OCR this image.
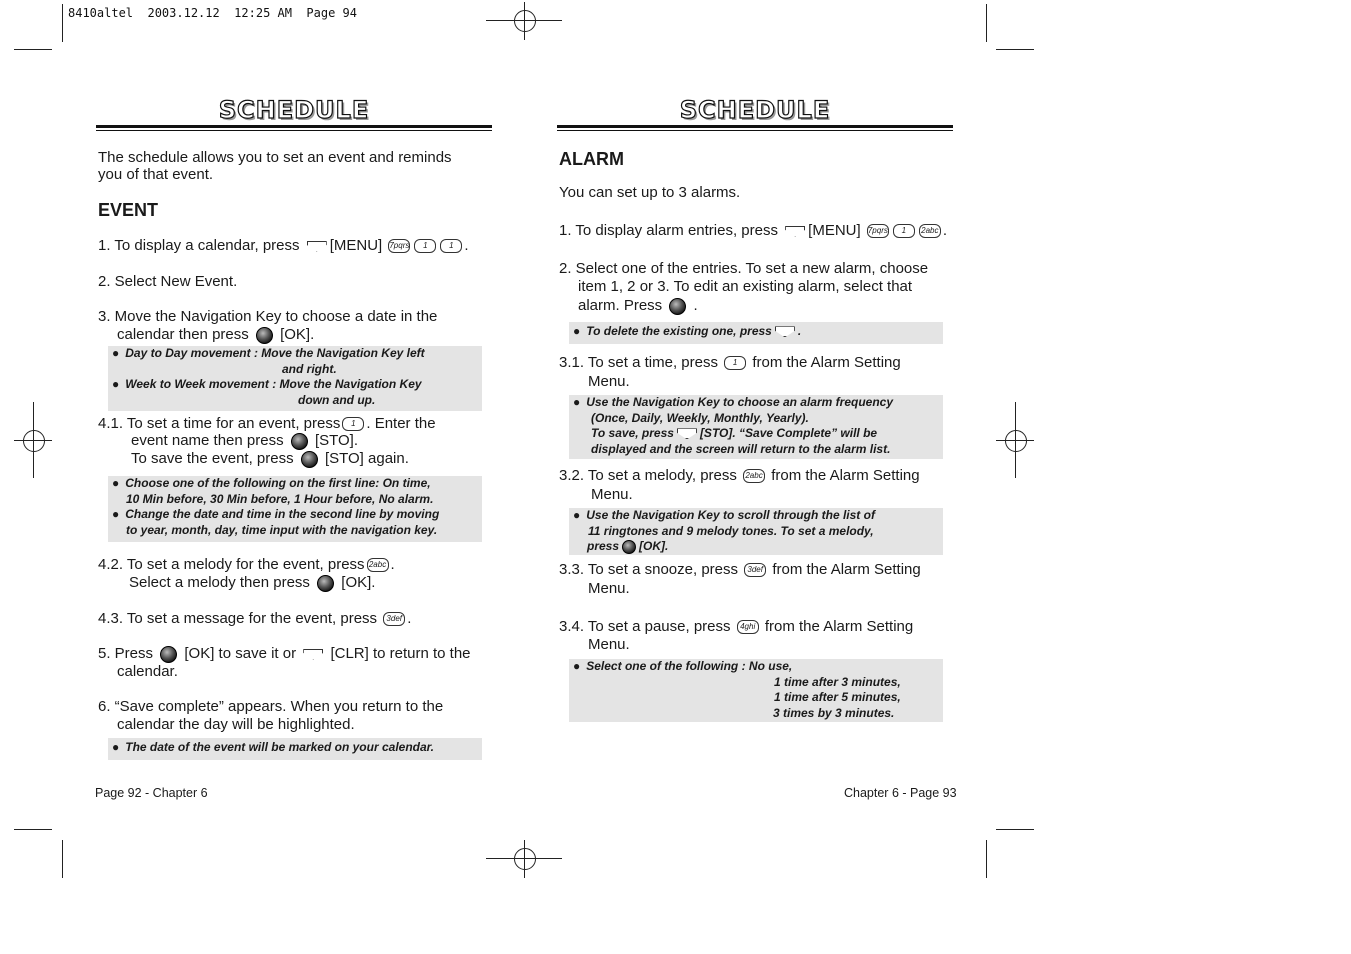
8410altel  2003.12.12  12:25 AM  Page 94
SCHEDULE
The schedule allows you to set an event and reminds
you of that event.
EVENT
1. To display a calendar, press [MENU] 7pqrs 1	1 .
2. Select New Event.
3. Move the Navigation Key to choose a date in the
calendar then press [OK].
● Day to Day movement : Move the Navigation Key left
and right.
● Week to Week movement : Move the Navigation Key
down and up.
4.1. To set a time for an event, press 1 . Enter the
event name then press [STO].
To save the event, press [STO] again.
● Choose one of the following on the first line: On time,
10 Min before, 30 Min before, 1 Hour before, No alarm.
● Change the date and time in the second line by moving
to year, month, day, time input with the navigation key.
4.2. To set a melody for the event, press 2abc .
Select a melody then press [OK].
4.3. To set a message for the event, press 3def .
5. Press [OK] to save it or [CLR] to return to the
calendar.
6. “Save complete” appears. When you return to the
calendar the day will be highlighted.
● The date of the event will be marked on your calendar.
Page 92 - Chapter 6
SCHEDULE
ALARM
You can set up to 3 alarms.
1. To display alarm entries, press [MENU] 7pqrs 1 2abc .
2. Select one of the entries. To set a new alarm, choose
item 1, 2 or 3. To edit an existing alarm, select that
alarm. Press .
● To delete the existing one, press .
3.1. To set a time, press 1 from the Alarm Setting
Menu.
● Use the Navigation Key to choose an alarm frequency
(Once, Daily, Weekly, Monthly, Yearly).
To save, press [STO]. “Save Complete” will be
displayed and the screen will return to the alarm list.
3.2. To set a melody, press 2abc from the Alarm Setting
Menu.
● Use the Navigation Key to scroll through the list of
11 ringtones and 9 melody tones. To set a melody,
press [OK].
3.3. To set a snooze, press 3def from the Alarm Setting
Menu.
3.4. To set a pause, press 4ghi from the Alarm Setting
Menu.
● Select one of the following : No use,
1 time after 3 minutes,
1 time after 5 minutes,
3 times by 3 minutes.
Chapter 6 - Page 93
